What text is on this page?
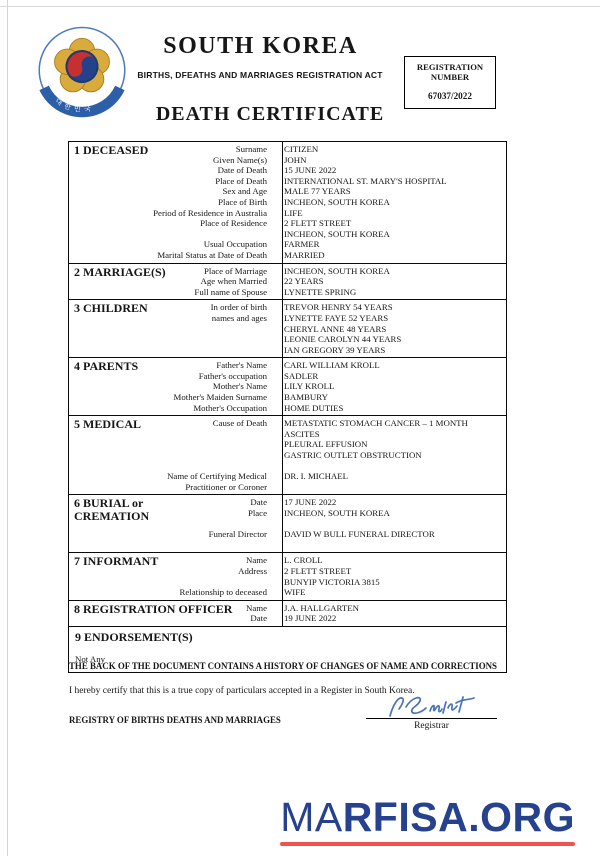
대한민국
SOUTH KOREA
BIRTHS, DFEATHS AND MARRIAGES REGISTRATION ACT
REGISTRATION NUMBER
67037/2022
DEATH CERTIFICATE
1 DECEASED	Surname	CITIZEN
Given Name(s)	JOHN
Date of Death	15 JUNE 2022
Place of Death	INTERNATIONAL ST. MARY'S HOSPITAL
Sex and Age	MALE 77 YEARS
Place of Birth	INCHEON, SOUTH KOREA
Period of Residence in Australia	LIFE
Place of Residence	2 FLETT STREET
INCHEON, SOUTH KOREA
Usual Occupation	FARMER
Marital Status at Date of Death	MARRIED
2 MARRIAGE(S)	Place of Marriage	INCHEON, SOUTH KOREA
Age when Married	22 YEARS
Full name of Spouse	LYNETTE SPRING
3 CHILDREN	In order of birth	TREVOR HENRY 54 YEARS
names and ages	LYNETTE FAYE 52 YEARS
CHERYL ANNE 48 YEARS
LEONIE CAROLYN 44 YEARS
IAN GREGORY 39 YEARS
4 PARENTS	Father's Name	CARL WILLIAM KROLL
Father's occupation	SADLER
Mother's Name	LILY KROLL
Mother's Maiden Surname	BAMBURY
Mother's Occupation	HOME DUTIES
5 MEDICAL	Cause of Death	METASTATIC STOMACH CANCER – 1 MONTH
ASCITES
PLEURAL EFFUSION
GASTRIC OUTLET OBSTRUCTION
Name of Certifying Medical	DR. I. MICHAEL
Practitioner or Coroner
6 BURIAL or CREMATION
Date	17 JUNE 2022
Place	INCHEON, SOUTH KOREA
Funeral Director	DAVID W BULL FUNERAL DIRECTOR
7 INFORMANT	Name	L. CROLL
Address	2 FLETT STREET
BUNYIP VICTORIA 3815
Relationship to deceased	WIFE
8 REGISTRATION OFFICER	Name	J.A. HALLGARTEN
Date	19 JUNE 2022
9 ENDORSEMENT(S)
Not Any
THE BACK OF THE DOCUMENT CONTAINS A HISTORY OF CHANGES OF NAME AND CORRECTIONS
I hereby certify that this is a true copy of particulars accepted in a Register in South Korea.
REGISTRY OF BIRTHS DEATHS AND MARRIAGES
Registrar
MARFISA.ORG
